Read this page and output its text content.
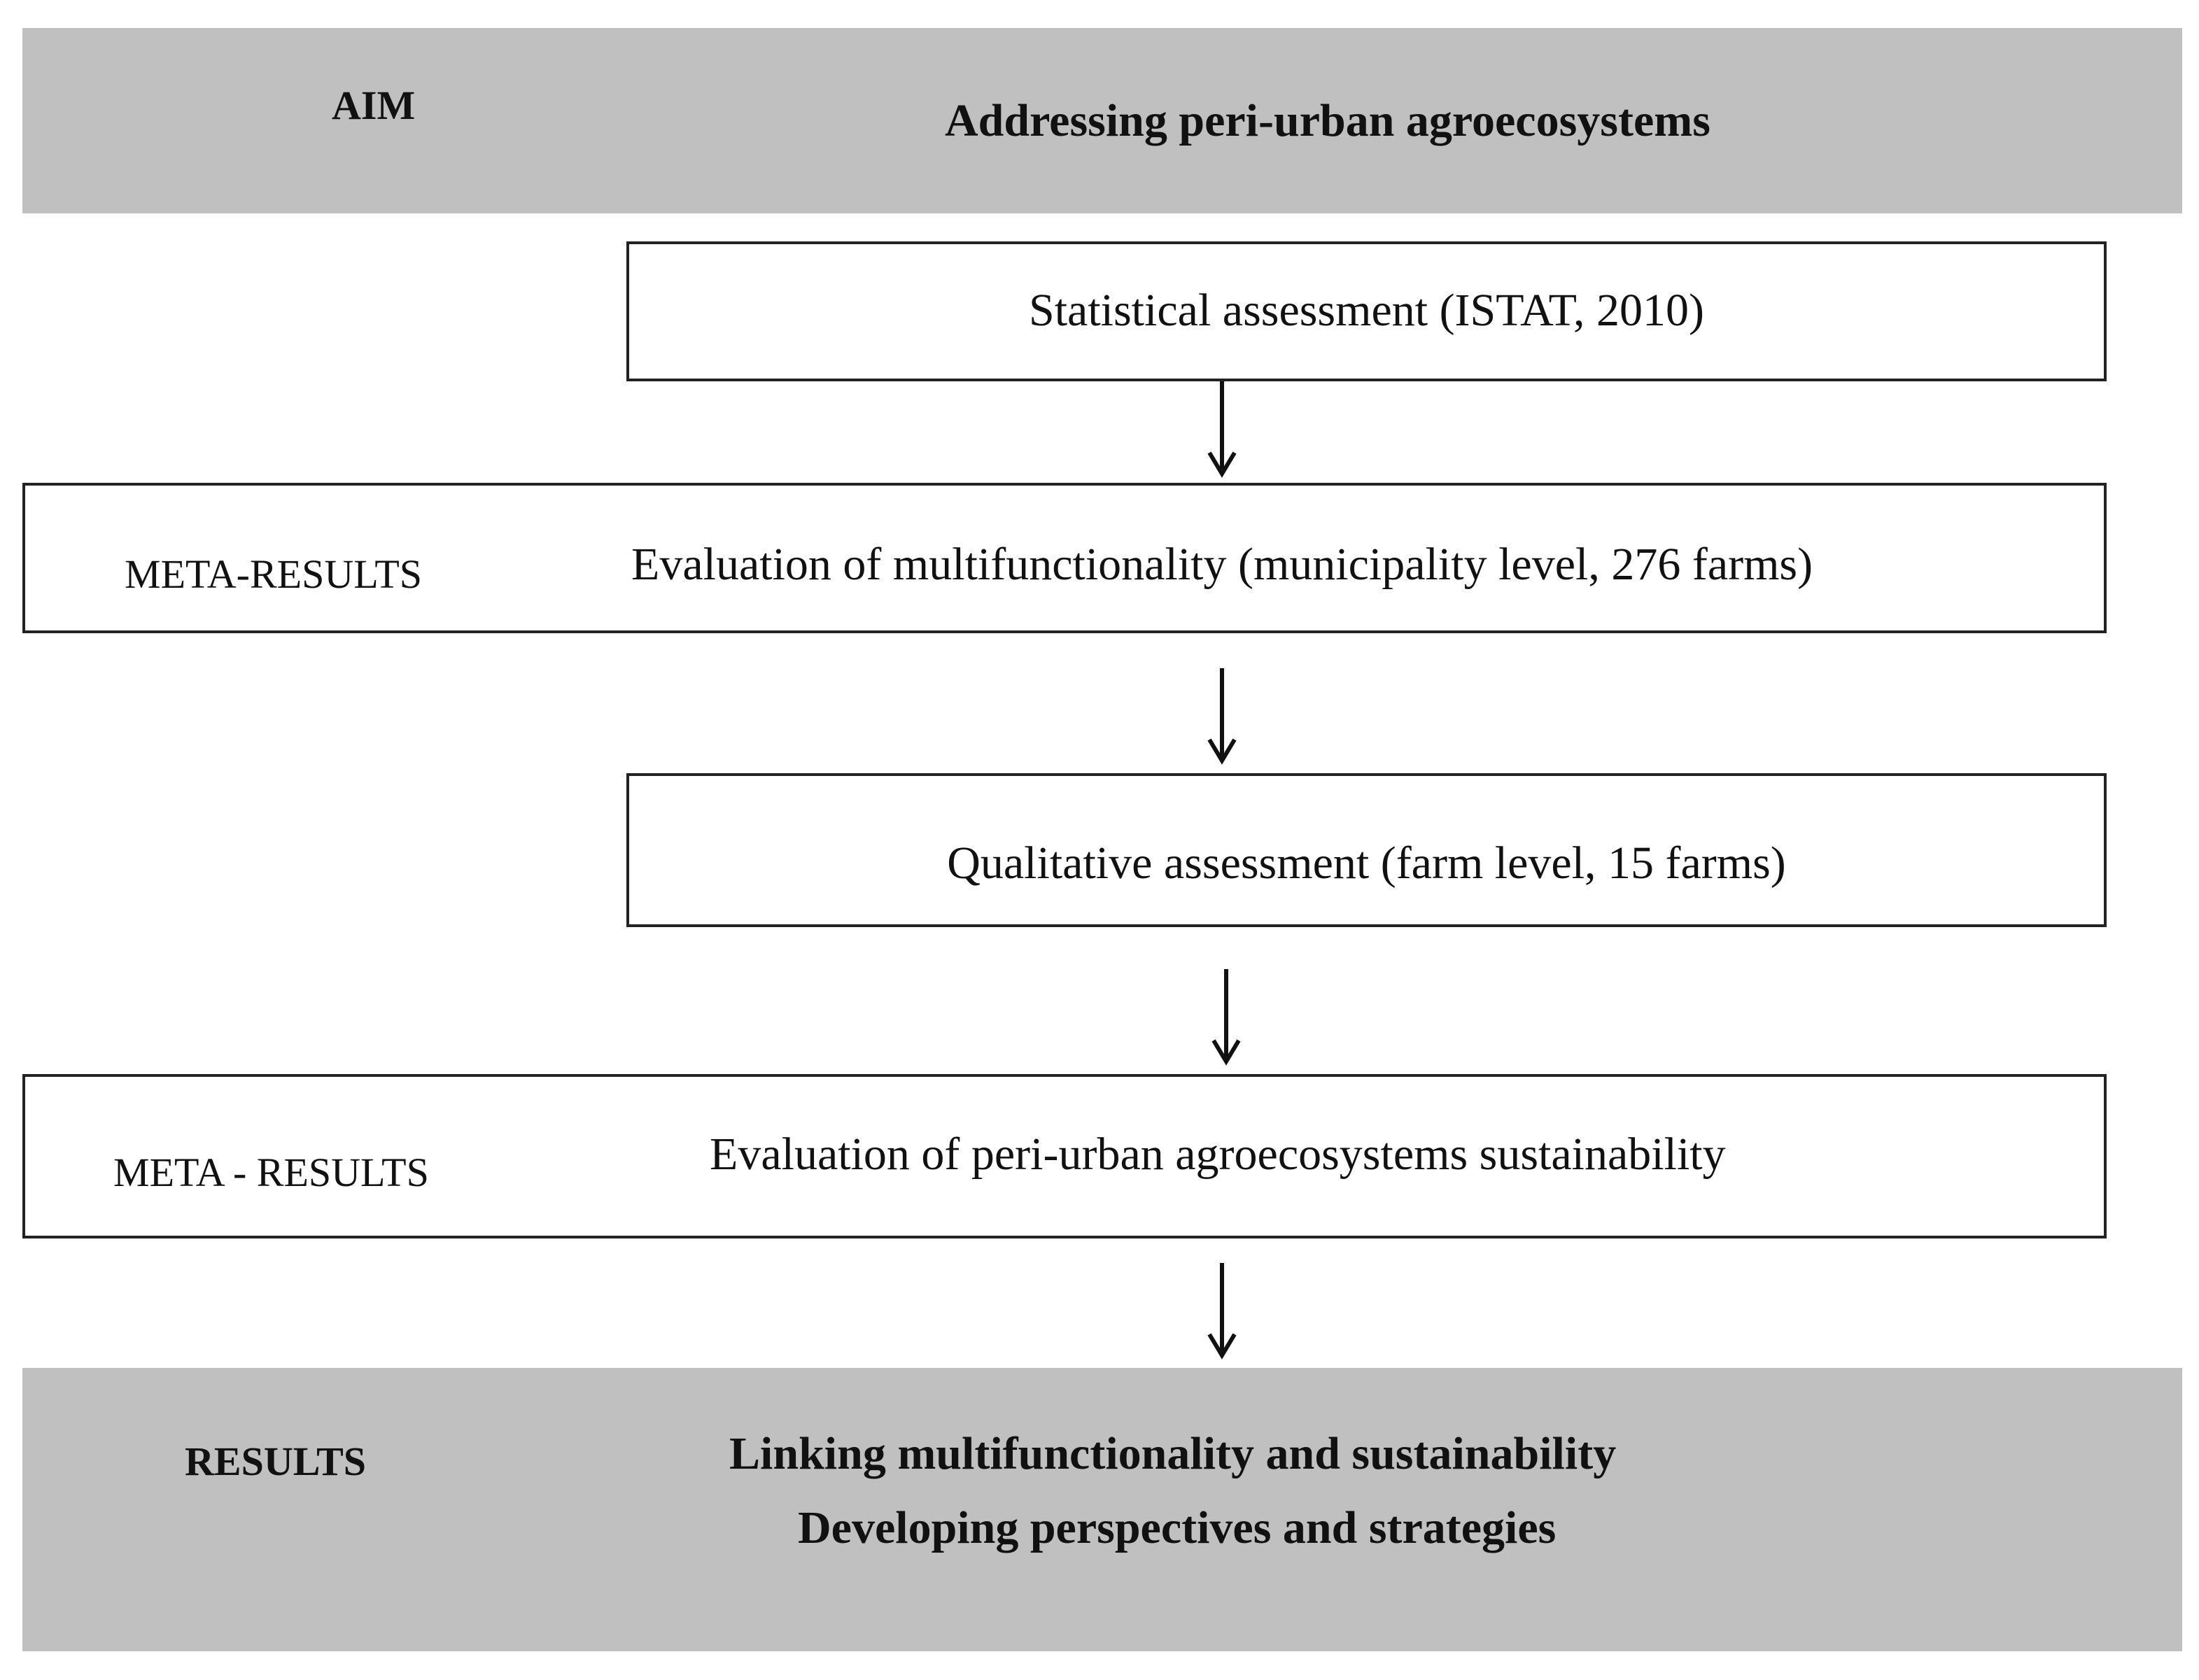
AIM	Addressing peri-urban agroecosystems
Statistical assessment (ISTAT, 2010)
META-RESULTS	Evaluation of multifunctionality (municipality level, 276 farms)
Qualitative assessment (farm level, 15 farms)
META - RESULTS	Evaluation of peri-urban agroecosystems sustainability
RESULTS	Linking multifunctionality and sustainability
Developing perspectives and strategies
